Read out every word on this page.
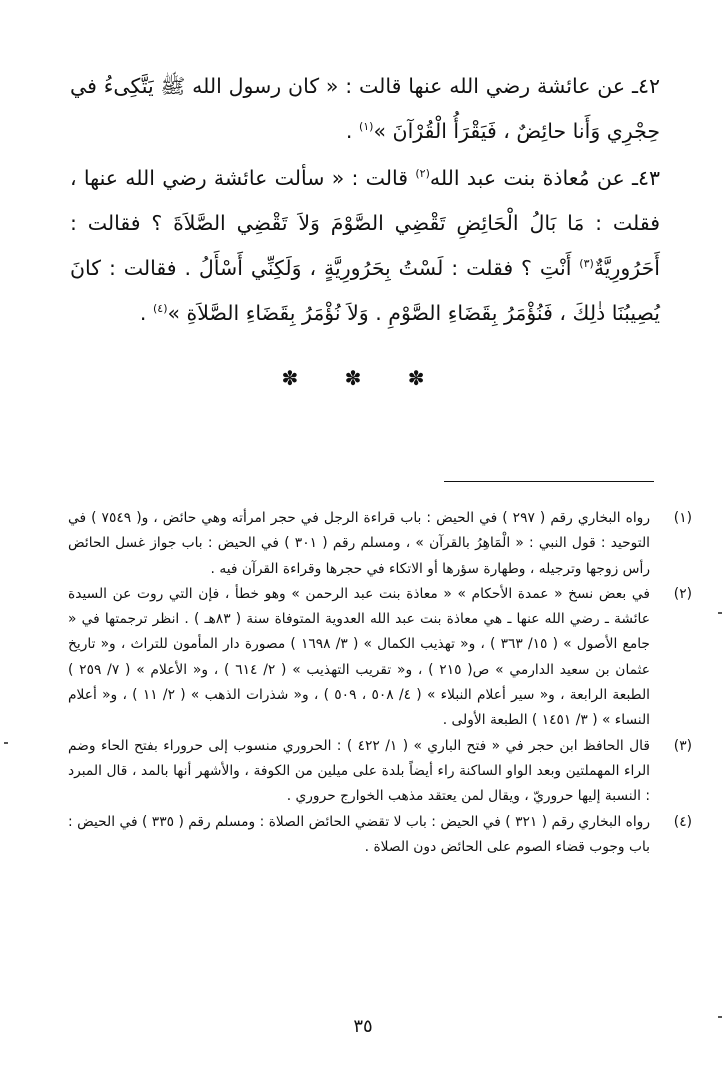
٤٢ـ عن عائشة رضي الله عنها قالت : « كان رسول الله ﷺ يَتَّكِىءُ في حِجْرِي وَأَنا حائِضٌ ، فَيَقْرَأُ الْقُرْآنَ »$^{(١)}$ .

٤٣ـ عن مُعاذة بنت عبد الله$^{(٢)}$ قالت : « سألت عائشة رضي الله عنها ، فقلت : مَا بَالُ الْحَائِضِ تَقْضِي الصَّوْمَ وَلاَ تَقْضِي الصَّلاَةَ ؟ فقالت : أَحَرُورِيَّةٌ$^{(٣)}$ أَنْتِ ؟ فقلت : لَسْتُ بِحَرُورِيَّةٍ ، وَلَكِنِّي أَسْأَلُ . فقالت : كانَ يُصِيبُنَا ذٰلِكَ ، فَنُؤْمَرُ بِقَضَاءِ الصَّوْمِ . وَلاَ نُؤْمَرُ بِقَضَاءِ الصَّلاَةِ »$^{(٤)}$ .

✽ ✽ ✽
(١)
رواه البخاري رقم ( ٢٩٧ ) في الحيض : باب قراءة الرجل في حجر امرأته وهي حائض ، و( ٧٥٤٩ ) في التوحيد : قول النبي : « الْمَاهِرُ بالقرآن » ، ومسلم رقم ( ٣٠١ ) في الحيض : باب جواز غسل الحائض رأس زوجها وترجيله ، وطهارة سؤرها أو الاتكاء في حجرها وقراءة القرآن فيه .
(٢)
في بعض نسخ « عمدة الأحكام » « معاذة بنت عبد الرحمن » وهو خطأ ، فإن التي روت عن السيدة عائشة ـ رضي الله عنها ـ هي معاذة بنت عبد الله العدوية المتوفاة سنة ( ٨٣هـ ) . انظر ترجمتها في « جامع الأصول » ( ١٥/ ٣٦٣ ) ، و« تهذيب الكمال » ( ٣/ ١٦٩٨ ) مصورة دار المأمون للتراث ، و« تاريخ عثمان بن سعيد الدارمي » ص( ٢١٥ ) ، و« تقريب التهذيب » ( ٢/ ٦١٤ ) ، و« الأعلام » ( ٧/ ٢٥٩ ) الطبعة الرابعة ، و« سير أعلام النبلاء » ( ٤/ ٥٠٨ ، ٥٠٩ ) ، و« شذرات الذهب » ( ٢/ ١١ ) ، و« أعلام النساء » ( ٣/ ١٤٥١ ) الطبعة الأولى .
(٣)
قال الحافظ ابن حجر في « فتح الباري » ( ١/ ٤٢٢ ) : الحروري منسوب إلى حروراء بفتح الحاء وضم الراء المهملتين وبعد الواو الساكنة راء أيضاً بلدة على ميلين من الكوفة ، والأشهر أنها بالمد ، قال المبرد : النسبة إليها حروريّ ، ويقال لمن يعتقد مذهب الخوارج حروري .
(٤)
رواه البخاري رقم ( ٣٢١ ) في الحيض : باب لا تقضي الحائض الصلاة : ومسلم رقم ( ٣٣٥ ) في الحيض : باب وجوب قضاء الصوم على الحائض دون الصلاة .
٣٥
